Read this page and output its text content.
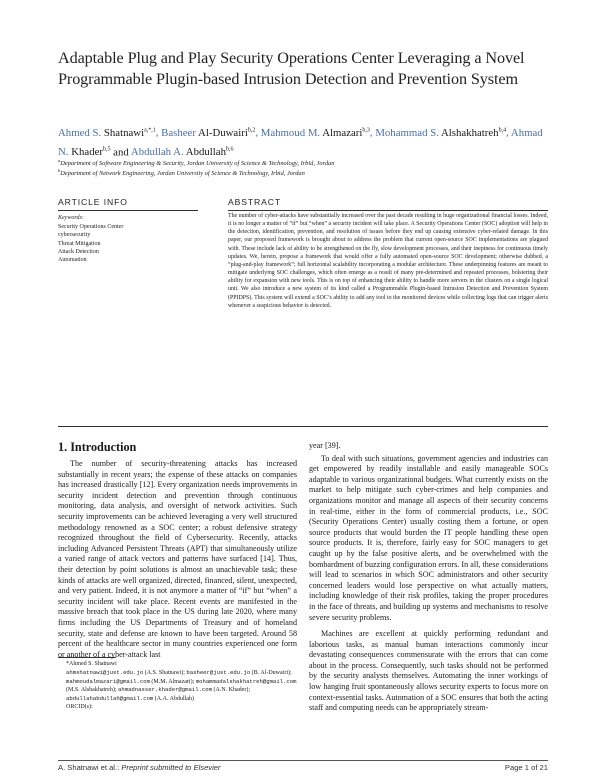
Adaptable Plug and Play Security Operations Center Leveraging a Novel Programmable Plugin-based Intrusion Detection and Prevention System

Ahmed S. Shatnawi$^{a,*,1}$, Basheer Al-Duwairi$^{b,2}$, Mahmoud M. Almazari$^{b,3}$, Mohammad S. Alshakhatreh$^{b,4}$, Ahmad N. Khader$^{b,5}$ and Abdullah A. Abdullah$^{b,6}$

$^a$Department of Software Engineering & Security, Jordan University of Science & Technology, Irbid, Jordan

$^b$Department of Network Engineering, Jordan University of Science & Technology, Irbid, Jordan

ARTICLE INFO	ABSTRACT
Keywords:
Security Operations Center
cybersecurity
Threat Mitigation
Attack Detection
Automation

The number of cyber-attacks have substantially increased over the past decade resulting in huge organizational financial losses. Indeed, it is no longer a matter of “if” but “when” a security incident will take place. A Security Operations Center (SOC) adoption will help in the detection, identification, prevention, and resolution of issues before they end up causing extensive cyber-related damage. In this paper, our proposed framework is brought about to address the problem that current open-source SOC implementations are plagued with. These include lack of ability to be strengthened on the fly, slow development processes, and their ineptness for continuous timely updates. We, herein, propose a framework that would offer a fully automated open-source SOC development; otherwise dubbed, a “plug-and-play framework”; full horizontal scalability incorporating a modular architecture. These underpinning features are meant to mitigate underlying SOC challenges, which often emerge as a result of many pre-determined and repeated processes, bolstering their ability for expansion with new tools. This is on top of enhancing their ability to handle more servers in the clusters on a single logical unit. We also introduce a new system of its kind called a Programmable Plugin-based Intrusion Detection and Prevention System (PPIDPS). This system will extend a SOC’s ability to add any tool to the monitored devices while collecting logs that can trigger alerts whenever a suspicious behavior is detected.

1. Introduction

The number of security-threatening attacks has increased substantially in recent years; the expense of these attacks on companies has increased drastically [12]. Every organization needs improvements in security incident detection and prevention through continuous monitoring, data analysis, and oversight of network activities. Such security improvements can be achieved leveraging a very well structured methodology renowned as a SOC center; a robust defensive strategy recognized throughout the field of Cybersecurity. Recently, attacks including Advanced Persistent Threats (APT) that simultaneously utilize a varied range of attack vectors and patterns have surfaced [14]. Thus, their detection by point solutions is almost an unachievable task; these kinds of attacks are well organized, directed, financed, silent, unexpected, and very patient. Indeed, it is not anymore a matter of “if” but “when” a security incident will take place. Recent events are manifested in the massive breach that took place in the US during late 2020, where many firms including the US Departments of Treasury and of homeland security, state and defense are known to have been targeted. Around 58 percent of the healthcare sector in many countries experienced one form or another of a cyber-attack last

year [39].

To deal with such situations, government agencies and industries can get empowered by readily installable and easily manageable SOCs adaptable to various organizational budgets. What currently exists on the market to help mitigate such cyber-crimes and help companies and organizations monitor and manage all aspects of their security concerns in real-time, either in the form of commercial products, i.e., SOC (Security Operations Center) usually costing them a fortune, or open source products that would burden the IT people handling these open source products. It is, therefore, fairly easy for SOC managers to get caught up by the false positive alerts, and be overwhelmed with the bombardment of buzzing configuration errors. In all, these considerations will lead to scenarios in which SOC administrators and other security concerned leaders would lose perspective on what actually matters, including knowledge of their risk profiles, taking the proper procedures in the face of threats, and building up systems and mechanisms to resolve severe security problems.

Machines are excellent at quickly performing redundant and laborious tasks, as manual human interactions commonly incur devastating consequences commensurate with the errors that can come about in the process. Consequently, such tasks should not be performed by the security analysts themselves. Automating the inner workings of low hanging fruit spontaneously allows security experts to focus more on context-essential tasks. Automation of a SOC ensures that both the acting staff and computing needs can be appropriately stream-

*Ahmed S. Shatnawi
ahmshatnawi@just.edu.jo (A.S. Shatnawi); basheer@just.edu.jo (B. Al-Duwairi); mahmoudalmazari@gmail.com (M.M. Almazari); mohammadalshakhatreh@gmail.com (M.S. Alshakhatreh); ahmadnasser.khader@gmail.com (A.N. Khader); abdullahabdullah@gmail.com (A.A. Abdullah)
ORCID(s):
A. Shatnawi et al.: Preprint submitted to Elsevier	Page 1 of 21
